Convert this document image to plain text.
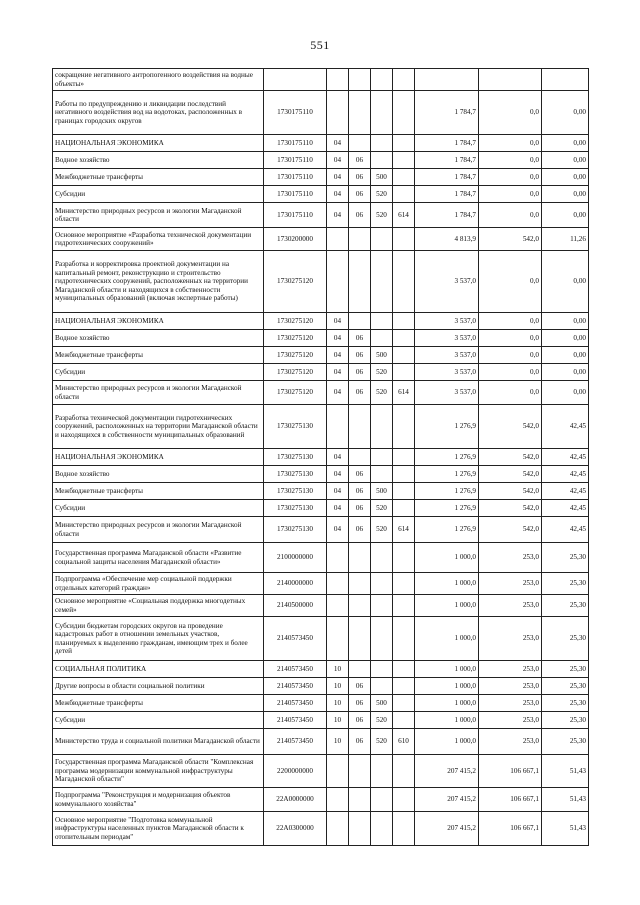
551
сокращение негативного антропогенного воздействия на водные объекты»								
Работы по предупреждению и ликвидации последствий негативного воздействия вод на водотоках, расположенных в границах городских округов	1730175110					1 784,7	0,0	0,00
НАЦИОНАЛЬНАЯ ЭКОНОМИКА	1730175110	04				1 784,7	0,0	0,00
Водное хозяйство	1730175110	04	06			1 784,7	0,0	0,00
Межбюджетные трансферты	1730175110	04	06	500		1 784,7	0,0	0,00
Субсидии	1730175110	04	06	520		1 784,7	0,0	0,00
Министерство природных ресурсов и экологии Магаданской области	1730175110	04	06	520	614	1 784,7	0,0	0,00
Основное мероприятие «Разработка технической документации гидротехнических сооружений»	1730200000					4 813,9	542,0	11,26
Разработка и корректировка проектной документации на капитальный ремонт, реконструкцию и строительство гидротехнических сооружений, расположенных на территории Магаданской области и находящихся в собственности муниципальных образований (включая экспертные работы)	1730275120					3 537,0	0,0	0,00
НАЦИОНАЛЬНАЯ ЭКОНОМИКА	1730275120	04				3 537,0	0,0	0,00
Водное хозяйство	1730275120	04	06			3 537,0	0,0	0,00
Межбюджетные трансферты	1730275120	04	06	500		3 537,0	0,0	0,00
Субсидии	1730275120	04	06	520		3 537,0	0,0	0,00
Министерство природных ресурсов и экологии Магаданской области	1730275120	04	06	520	614	3 537,0	0,0	0,00
Разработка технической документации гидротехнических сооружений, расположенных на территории Магаданской области и находящихся в собственности муниципальных образований	1730275130					1 276,9	542,0	42,45
НАЦИОНАЛЬНАЯ ЭКОНОМИКА	1730275130	04				1 276,9	542,0	42,45
Водное хозяйство	1730275130	04	06			1 276,9	542,0	42,45
Межбюджетные трансферты	1730275130	04	06	500		1 276,9	542,0	42,45
Субсидии	1730275130	04	06	520		1 276,9	542,0	42,45
Министерство природных ресурсов и экологии Магаданской области	1730275130	04	06	520	614	1 276,9	542,0	42,45
Государственная программа Магаданской области «Развитие социальной защиты населения Магаданской области»	2100000000					1 000,0	253,0	25,30
Подпрограмма «Обеспечение мер социальной поддержки отдельных категорий граждан»	2140000000					1 000,0	253,0	25,30
Основное мероприятие «Социальная поддержка многодетных семей»	2140500000					1 000,0	253,0	25,30
Субсидии бюджетам городских округов на проведение кадастровых работ в отношении земельных участков, планируемых к выделению гражданам, имеющим трех и более детей	2140573450					1 000,0	253,0	25,30
СОЦИАЛЬНАЯ ПОЛИТИКА	2140573450	10				1 000,0	253,0	25,30
Другие вопросы в области социальной политики	2140573450	10	06			1 000,0	253,0	25,30
Межбюджетные трансферты	2140573450	10	06	500		1 000,0	253,0	25,30
Субсидии	2140573450	10	06	520		1 000,0	253,0	25,30
Министерство труда и социальной политики Магаданской области	2140573450	10	06	520	610	1 000,0	253,0	25,30
Государственная программа Магаданской области "Комплексная программа модернизации коммунальной инфраструктуры Магаданской области"	2200000000					207 415,2	106 667,1	51,43
Подпрограмма "Реконструкция и модернизация объектов коммунального хозяйства"	22А0000000					207 415,2	106 667,1	51,43
Основное мероприятие "Подготовка коммунальной инфраструктуры населенных пунктов Магаданской области к отопительным периодам"	22А0300000					207 415,2	106 667,1	51,43
